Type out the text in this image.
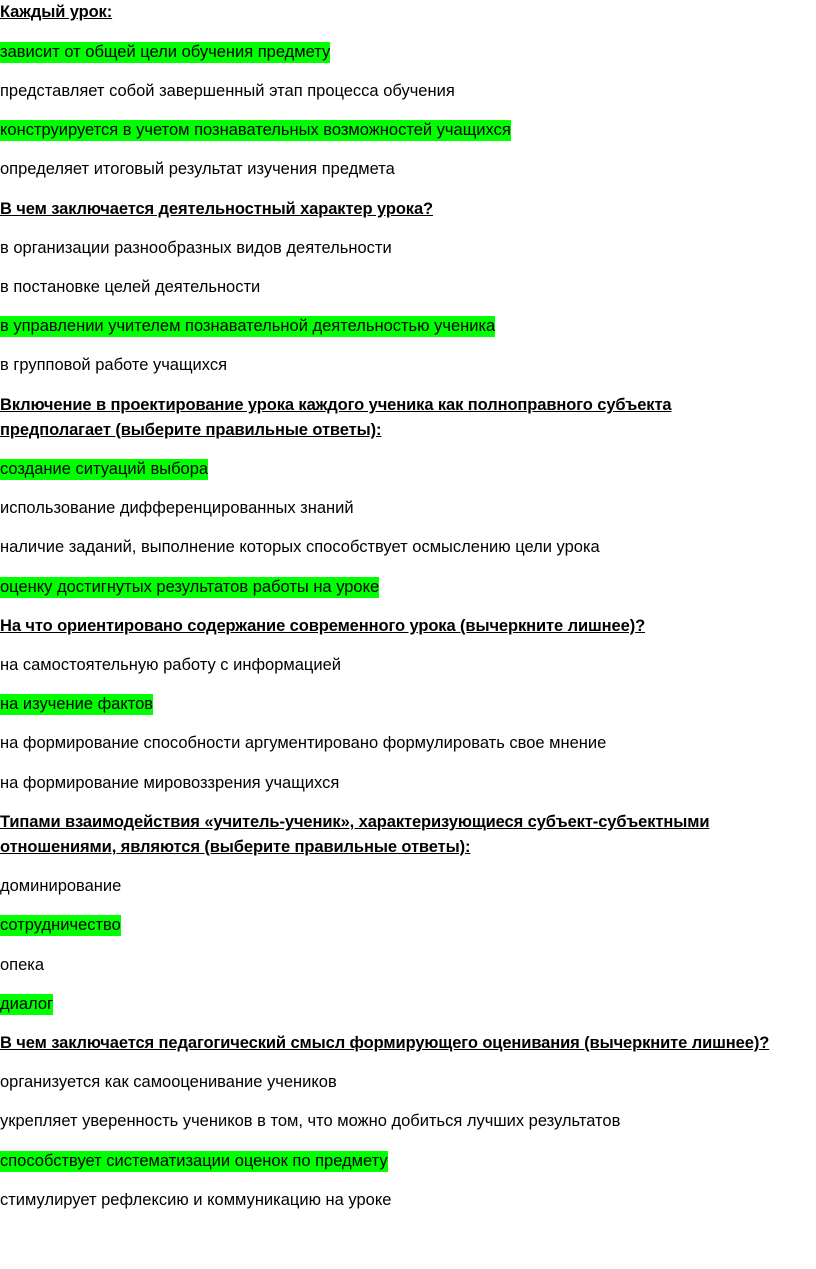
Каждый урок:
зависит от общей цели обучения предмету
представляет собой завершенный этап процесса обучения
конструируется в учетом познавательных возможностей учащихся
определяет итоговый результат изучения предмета
В чем заключается деятельностный характер урока?
в организации разнообразных видов деятельности
в постановке целей деятельности
в управлении учителем познавательной деятельностью ученика
в групповой работе учащихся
Включение в проектирование урока каждого ученика как полноправного субъекта
предполагает (выберите правильные ответы):
создание ситуаций выбора
использование дифференцированных знаний
наличие заданий, выполнение которых способствует осмыслению цели урока
оценку достигнутых результатов работы на уроке
На что ориентировано содержание современного урока (вычеркните лишнее)?
на самостоятельную работу с информацией
на изучение фактов
на формирование способности аргументировано формулировать свое мнение
на формирование мировоззрения учащихся
Типами взаимодействия «учитель-ученик», характеризующиеся субъект-субъектными
отношениями, являются (выберите правильные ответы):
доминирование
сотрудничество
опека
диалог
В чем заключается педагогический смысл формирующего оценивания (вычеркните лишнее)?
организуется как самооценивание учеников
укрепляет уверенность учеников в том, что можно добиться лучших результатов
способствует систематизации оценок по предмету
стимулирует рефлексию и коммуникацию на уроке
